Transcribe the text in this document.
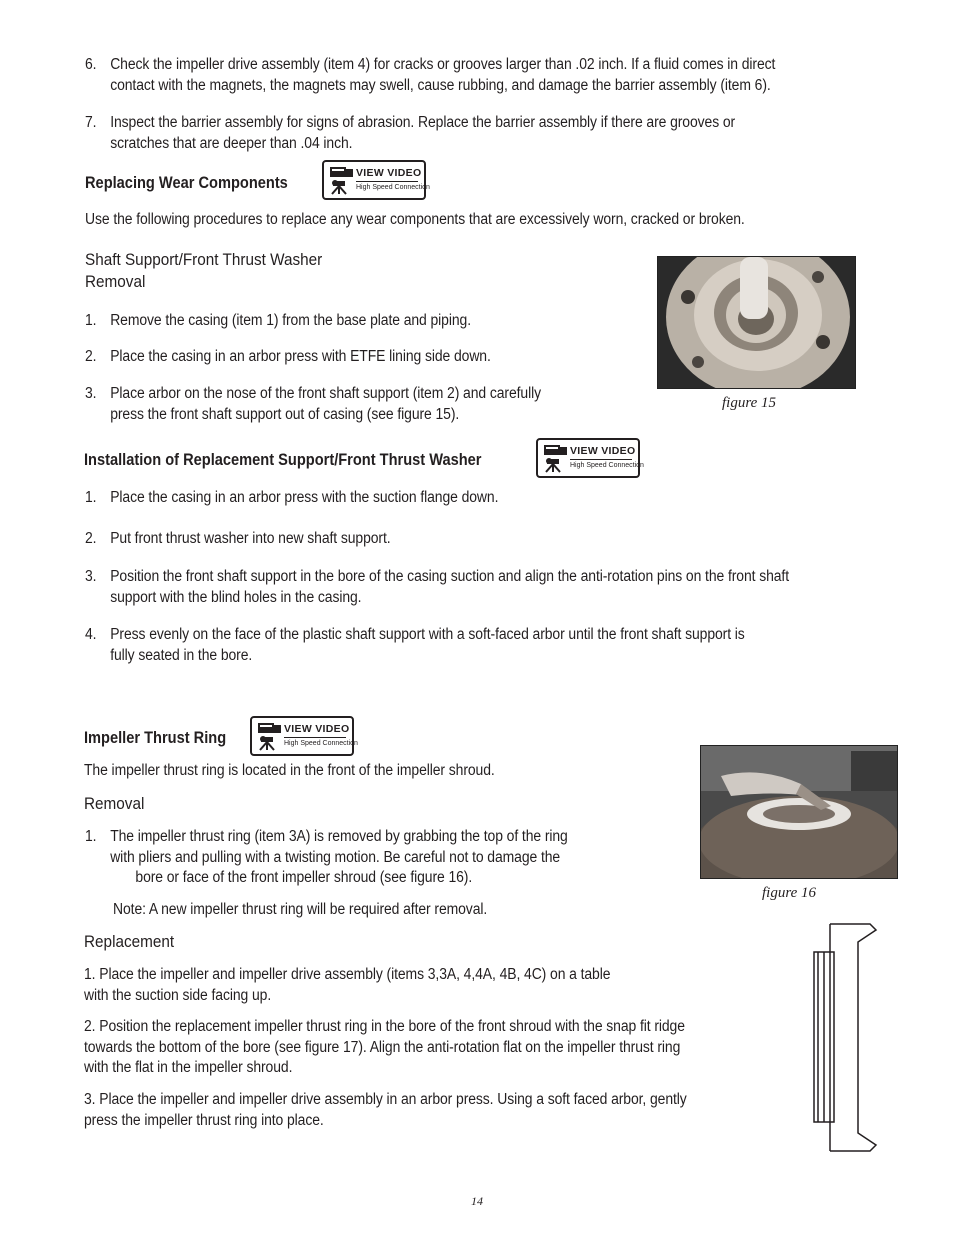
6. Check the impeller drive assembly (item 4) for cracks or grooves larger than .02 inch. If a fluid comes in direct
contact with the magnets, the magnets may swell, cause rubbing, and damage the barrier assembly (item 6).
7. Inspect the barrier assembly for signs of abrasion. Replace the barrier assembly if there are grooves or
scratches that are deeper than .04 inch.
Replacing Wear Components	VIEW VIDEO
High Speed Connection
Use the following procedures to replace any wear components that are excessively worn, cracked or broken.
Shaft Support/Front Thrust Washer
Removal
1. Remove the casing (item 1) from the base plate and piping.
2. Place the casing in an arbor press with ETFE lining side down.
3. Place arbor on the nose of the front shaft support (item 2) and carefully
press the front shaft support out of casing (see figure 15).
figure 15
Installation of Replacement Support/Front Thrust Washer	VIEW VIDEO
High Speed Connection
1. Place the casing in an arbor press with the suction flange down.
2. Put front thrust washer into new shaft support.
3. Position the front shaft support in the bore of the casing suction and align the anti-rotation pins on the front shaft
support with the blind holes in the casing.
4. Press evenly on the face of the plastic shaft support with a soft-faced arbor until the front shaft support is
fully seated in the bore.
Impeller Thrust Ring	VIEW VIDEO
High Speed Connection
The impeller thrust ring is located in the front of the impeller shroud.
Removal
1. The impeller thrust ring (item 3A) is removed by grabbing the top of the ring
with pliers and pulling with a twisting motion. Be careful not to damage the
bore or face of the front impeller shroud (see figure 16).
Note: A new impeller thrust ring will be required after removal.
figure 16
Replacement
1. Place the impeller and impeller drive assembly (items 3,3A, 4,4A, 4B, 4C) on a table
with the suction side facing up.
2. Position the replacement impeller thrust ring in the bore of the front shroud with the snap fit ridge
towards the bottom of the bore (see figure 17). Align the anti-rotation flat on the impeller thrust ring
with the flat in the impeller shroud.
3. Place the impeller and impeller drive assembly in an arbor press. Using a soft faced arbor, gently
press the impeller thrust ring into place.
14
